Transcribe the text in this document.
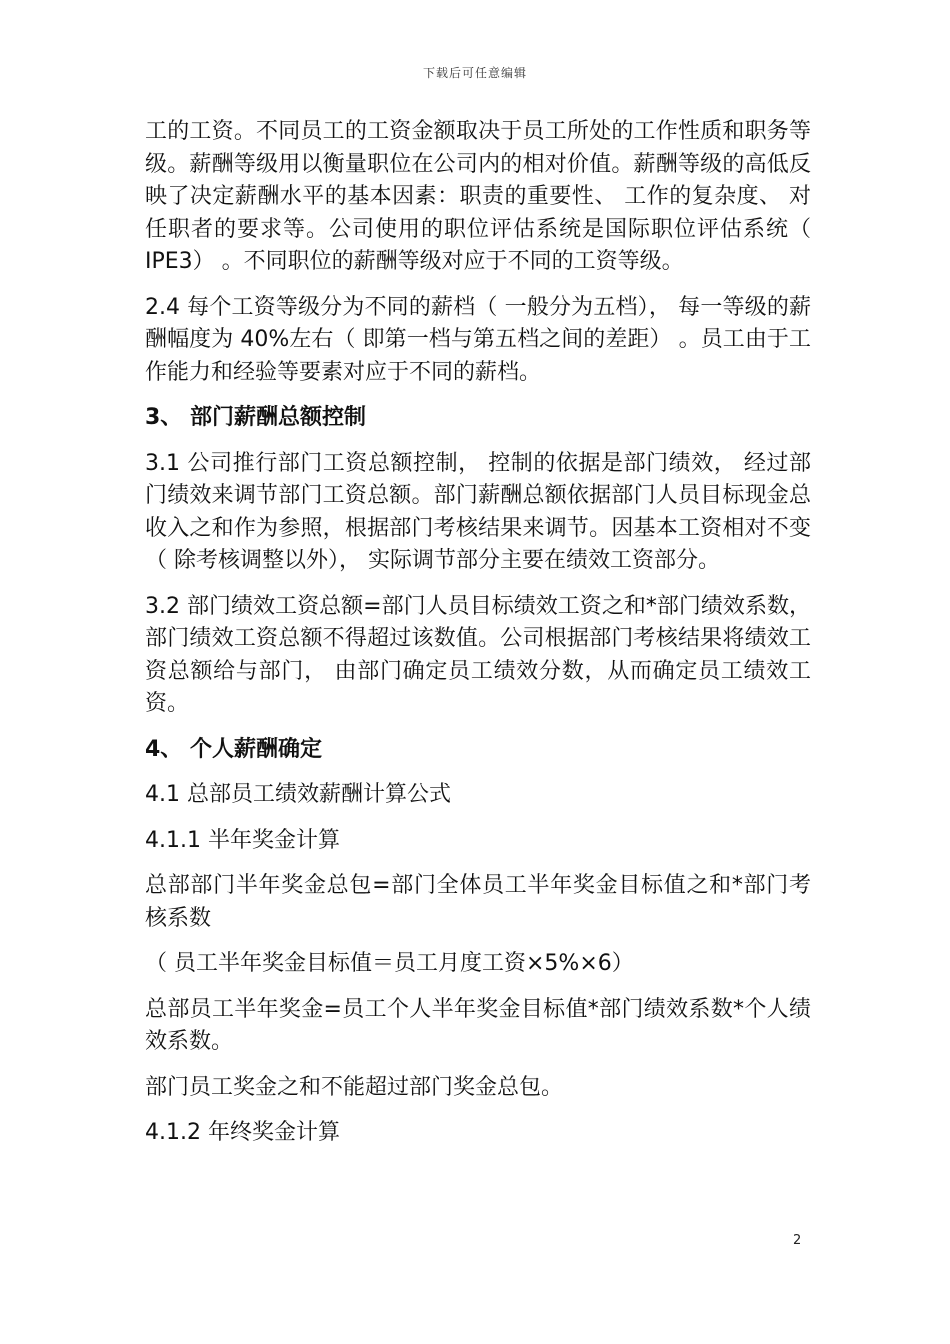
下载后可任意编辑

工的工资。不同员工的工资金额取决于员工所处的工作性质和职务等级。薪酬等级用以衡量职位在公司内的相对价值。薪酬等级的高低反映了决定薪酬水平的基本因素：职责的重要性、 工作的复杂度、 对任职者的要求等。公司使用的职位评估系统是国际职位评估系统（ IPE3） 。不同职位的薪酬等级对应于不同的工资等级。

2.4 每个工资等级分为不同的薪档（ 一般分为五档）， 每一等级的薪酬幅度为 40%左右（ 即第一档与第五档之间的差距） 。员工由于工作能力和经验等要素对应于不同的薪档。

3、 部门薪酬总额控制

3.1 公司推行部门工资总额控制， 控制的依据是部门绩效， 经过部门绩效来调节部门工资总额。部门薪酬总额依据部门人员目标现金总收入之和作为参照，根据部门考核结果来调节。因基本工资相对不变（ 除考核调整以外）， 实际调节部分主要在绩效工资部分。

3.2 部门绩效工资总额=部门人员目标绩效工资之和*部门绩效系数，部门绩效工资总额不得超过该数值。公司根据部门考核结果将绩效工资总额给与部门， 由部门确定员工绩效分数，从而确定员工绩效工资。

4、 个人薪酬确定

4.1 总部员工绩效薪酬计算公式

4.1.1 半年奖金计算

总部部门半年奖金总包=部门全体员工半年奖金目标值之和*部门考核系数

（ 员工半年奖金目标值＝员工月度工资×5%×6）

总部员工半年奖金=员工个人半年奖金目标值*部门绩效系数*个人绩效系数。

部门员工奖金之和不能超过部门奖金总包。

4.1.2 年终奖金计算

2
